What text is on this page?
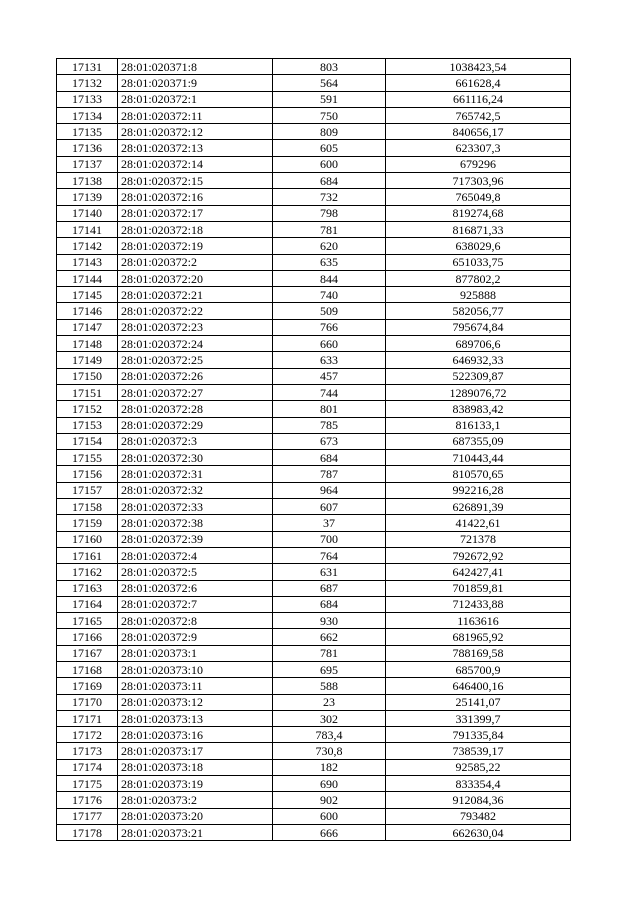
17131	28:01:020371:8	803	1038423,54
17132	28:01:020371:9	564	661628,4
17133	28:01:020372:1	591	661116,24
17134	28:01:020372:11	750	765742,5
17135	28:01:020372:12	809	840656,17
17136	28:01:020372:13	605	623307,3
17137	28:01:020372:14	600	679296
17138	28:01:020372:15	684	717303,96
17139	28:01:020372:16	732	765049,8
17140	28:01:020372:17	798	819274,68
17141	28:01:020372:18	781	816871,33
17142	28:01:020372:19	620	638029,6
17143	28:01:020372:2	635	651033,75
17144	28:01:020372:20	844	877802,2
17145	28:01:020372:21	740	925888
17146	28:01:020372:22	509	582056,77
17147	28:01:020372:23	766	795674,84
17148	28:01:020372:24	660	689706,6
17149	28:01:020372:25	633	646932,33
17150	28:01:020372:26	457	522309,87
17151	28:01:020372:27	744	1289076,72
17152	28:01:020372:28	801	838983,42
17153	28:01:020372:29	785	816133,1
17154	28:01:020372:3	673	687355,09
17155	28:01:020372:30	684	710443,44
17156	28:01:020372:31	787	810570,65
17157	28:01:020372:32	964	992216,28
17158	28:01:020372:33	607	626891,39
17159	28:01:020372:38	37	41422,61
17160	28:01:020372:39	700	721378
17161	28:01:020372:4	764	792672,92
17162	28:01:020372:5	631	642427,41
17163	28:01:020372:6	687	701859,81
17164	28:01:020372:7	684	712433,88
17165	28:01:020372:8	930	1163616
17166	28:01:020372:9	662	681965,92
17167	28:01:020373:1	781	788169,58
17168	28:01:020373:10	695	685700,9
17169	28:01:020373:11	588	646400,16
17170	28:01:020373:12	23	25141,07
17171	28:01:020373:13	302	331399,7
17172	28:01:020373:16	783,4	791335,84
17173	28:01:020373:17	730,8	738539,17
17174	28:01:020373:18	182	92585,22
17175	28:01:020373:19	690	833354,4
17176	28:01:020373:2	902	912084,36
17177	28:01:020373:20	600	793482
17178	28:01:020373:21	666	662630,04
